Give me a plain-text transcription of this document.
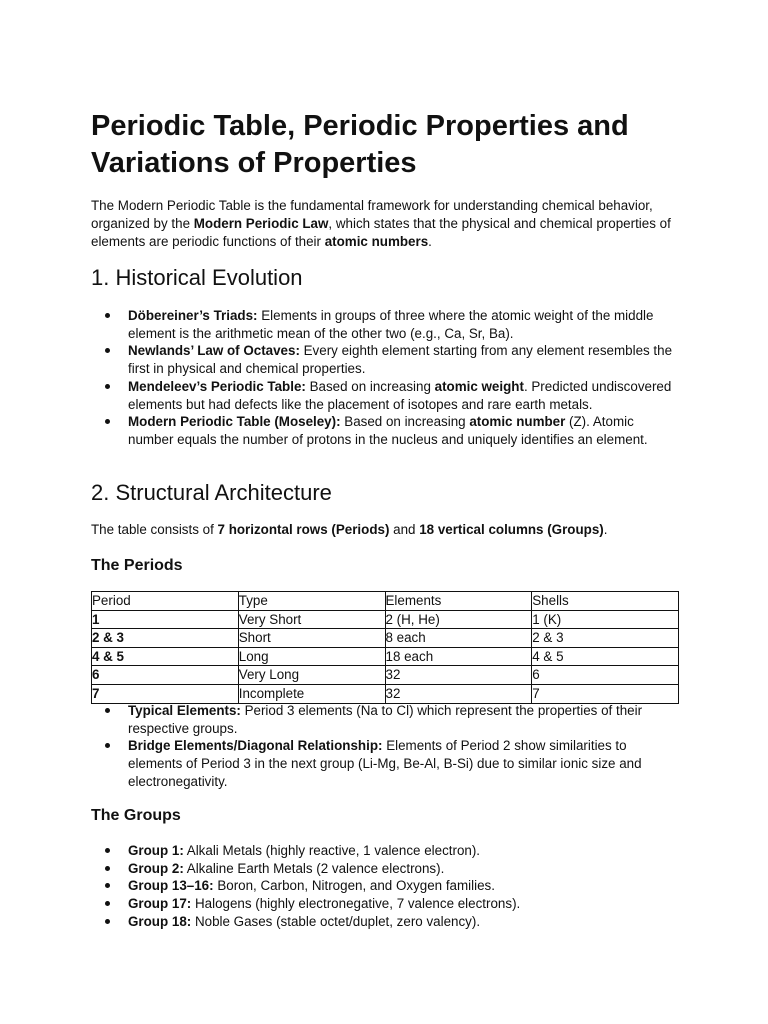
Periodic Table, Periodic Properties and Variations of Properties

The Modern Periodic Table is the fundamental framework for understanding chemical behavior, organized by the Modern Periodic Law, which states that the physical and chemical properties of elements are periodic functions of their atomic numbers.

1. Historical Evolution
Döbereiner’s Triads: Elements in groups of three where the atomic weight of the middle element is the arithmetic mean of the other two (e.g., Ca, Sr, Ba).
Newlands’ Law of Octaves: Every eighth element starting from any element resembles the first in physical and chemical properties.
Mendeleev’s Periodic Table: Based on increasing atomic weight. Predicted undiscovered elements but had defects like the placement of isotopes and rare earth metals.
Modern Periodic Table (Moseley): Based on increasing atomic number (Z). Atomic number equals the number of protons in the nucleus and uniquely identifies an element.
2. Structural Architecture

The table consists of 7 horizontal rows (Periods) and 18 vertical columns (Groups).

The Periods
Period	Type	Elements	Shells
1	Very Short	2 (H, He)	1 (K)
2 & 3	Short	8 each	2 & 3
4 & 5	Long	18 each	4 & 5
6	Very Long	32	6
7	Incomplete	32	7
Typical Elements: Period 3 elements (Na to Cl) which represent the properties of their respective groups.
Bridge Elements/Diagonal Relationship: Elements of Period 2 show similarities to elements of Period 3 in the next group (Li-Mg, Be-Al, B-Si) due to similar ionic size and electronegativity.
The Groups
Group 1: Alkali Metals (highly reactive, 1 valence electron).
Group 2: Alkaline Earth Metals (2 valence electrons).
Group 13–16: Boron, Carbon, Nitrogen, and Oxygen families.
Group 17: Halogens (highly electronegative, 7 valence electrons).
Group 18: Noble Gases (stable octet/duplet, zero valency).
